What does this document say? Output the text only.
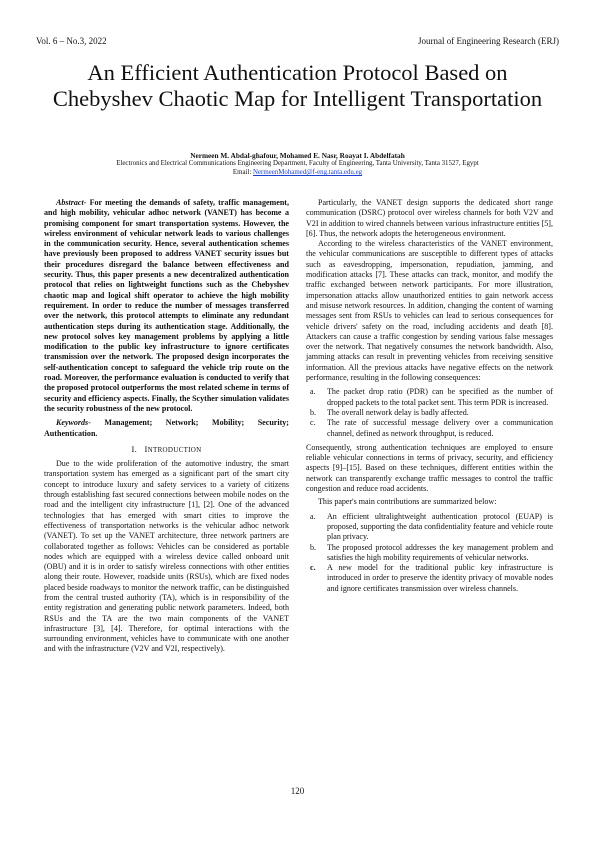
Vol. 6 – No.3, 2022	Journal of Engineering Research (ERJ)
An Efficient Authentication Protocol Based on Chebyshev Chaotic Map for Intelligent Transportation
Nermeen M. Abdal-ghafour, Mohamed E. Nasr, Roayat I. Abdelfatah
Electronics and Electrical Communications Engineering Department, Faculty of Engineering, Tanta University, Tanta 31527, Egypt
Email: NermeenMohamed@f-eng.tanta.edu.eg

Abstract- For meeting the demands of safety, traffic management, and high mobility, vehicular adhoc network (VANET) has become a promising component for smart transportation systems. However, the wireless environment of vehicular network leads to various challenges in the communication security. Hence, several authentication schemes have previously been proposed to address VANET security issues but their procedures disregard the balance between effectiveness and security. Thus, this paper presents a new decentralized authentication protocol that relies on lightweight functions such as the Chebyshev chaotic map and logical shift operator to achieve the high mobility requirement. In order to reduce the number of messages transferred over the network, this protocol attempts to eliminate any redundant authentication steps during its authentication stage. Additionally, the new protocol solves key management problems by applying a little modification to the public key infrastructure to ignore certificates transmission over the network. The proposed design incorporates the self-authentication concept to safeguard the vehicle trip route on the road. Moreover, the performance evaluation is conducted to verify that the proposed protocol outperforms the most related scheme in terms of security and efficiency aspects. Finally, the Scyther simulation validates the security robustness of the new protocol.

Keywords- Management; Network; Mobility; Security; Authentication.

I. INTRODUCTION

Due to the wide proliferation of the automotive industry, the smart transportation system has emerged as a significant part of the smart city concept to introduce luxury and safety services to a variety of citizens through establishing fast secured connections between mobile nodes on the road and the intelligent city infrastructure [1], [2]. One of the advanced technologies that has emerged with smart cities to improve the effectiveness of transportation networks is the vehicular adhoc network (VANET). To set up the VANET architecture, three network partners are collaborated together as follows: Vehicles can be considered as portable nodes which are equipped with a wireless device called onboard unit (OBU) and it is in order to satisfy wireless connections with other entities along their route. However, roadside units (RSUs), which are fixed nodes placed beside roadways to monitor the network traffic, can be distinguished from the central trusted authority (TA), which is in responsibility of the entity registration and generating public network parameters. Indeed, both RSUs and the TA are the two main components of the VANET infrastructure [3], [4]. Therefore, for optimal interactions with the surrounding environment, vehicles have to communicate with one another and with the infrastructure (V2V and V2I, respectively).

Particularly, the VANET design supports the dedicated short range communication (DSRC) protocol over wireless channels for both V2V and V2I in addition to wired channels between various infrastructure entities [5], [6]. Thus, the network adopts the heterogeneous environment.

According to the wireless characteristics of the VANET environment, the vehicular communications are susceptible to different types of attacks such as eavesdropping, impersonation, repudiation, jamming, and modification attacks [7]. These attacks can track, monitor, and modify the traffic exchanged between network participants. For more illustration, impersonation attacks allow unauthorized entities to gain network access and misuse network resources. In addition, changing the content of warning messages sent from RSUs to vehicles can lead to serious consequences for vehicle drivers' safety on the road, including accidents and death [8]. Attackers can cause a traffic congestion by sending various false messages over the network. That negatively consumes the network bandwidth. Also, jamming attacks can result in preventing vehicles from receiving sensitive information. All the previous attacks have negative effects on the network performance, resulting in the following consequences:

a.	The packet drop ratio (PDR) can be specified as the number of dropped packets to the total packet sent. This term PDR is increased.
b.	The overall network delay is badly affected.
c.	The rate of successful message delivery over a communication channel, defined as network throughput, is reduced.

Consequently, strong authentication techniques are employed to ensure reliable vehicular connections in terms of privacy, security, and efficiency aspects [9]–[15]. Based on these techniques, different entities within the network can transparently exchange traffic messages to control the traffic congestion and reduce road accidents.

This paper's main contributions are summarized below:

a.	An efficient ultralightweight authentication protocol (EUAP) is proposed, supporting the data confidentiality feature and vehicle route plan privacy.
b.	The proposed protocol addresses the key management problem and satisfies the high mobility requirements of vehicular networks.
c.	A new model for the traditional public key infrastructure is introduced in order to preserve the identity privacy of movable nodes and ignore certificates transmission over wireless channels.
120
